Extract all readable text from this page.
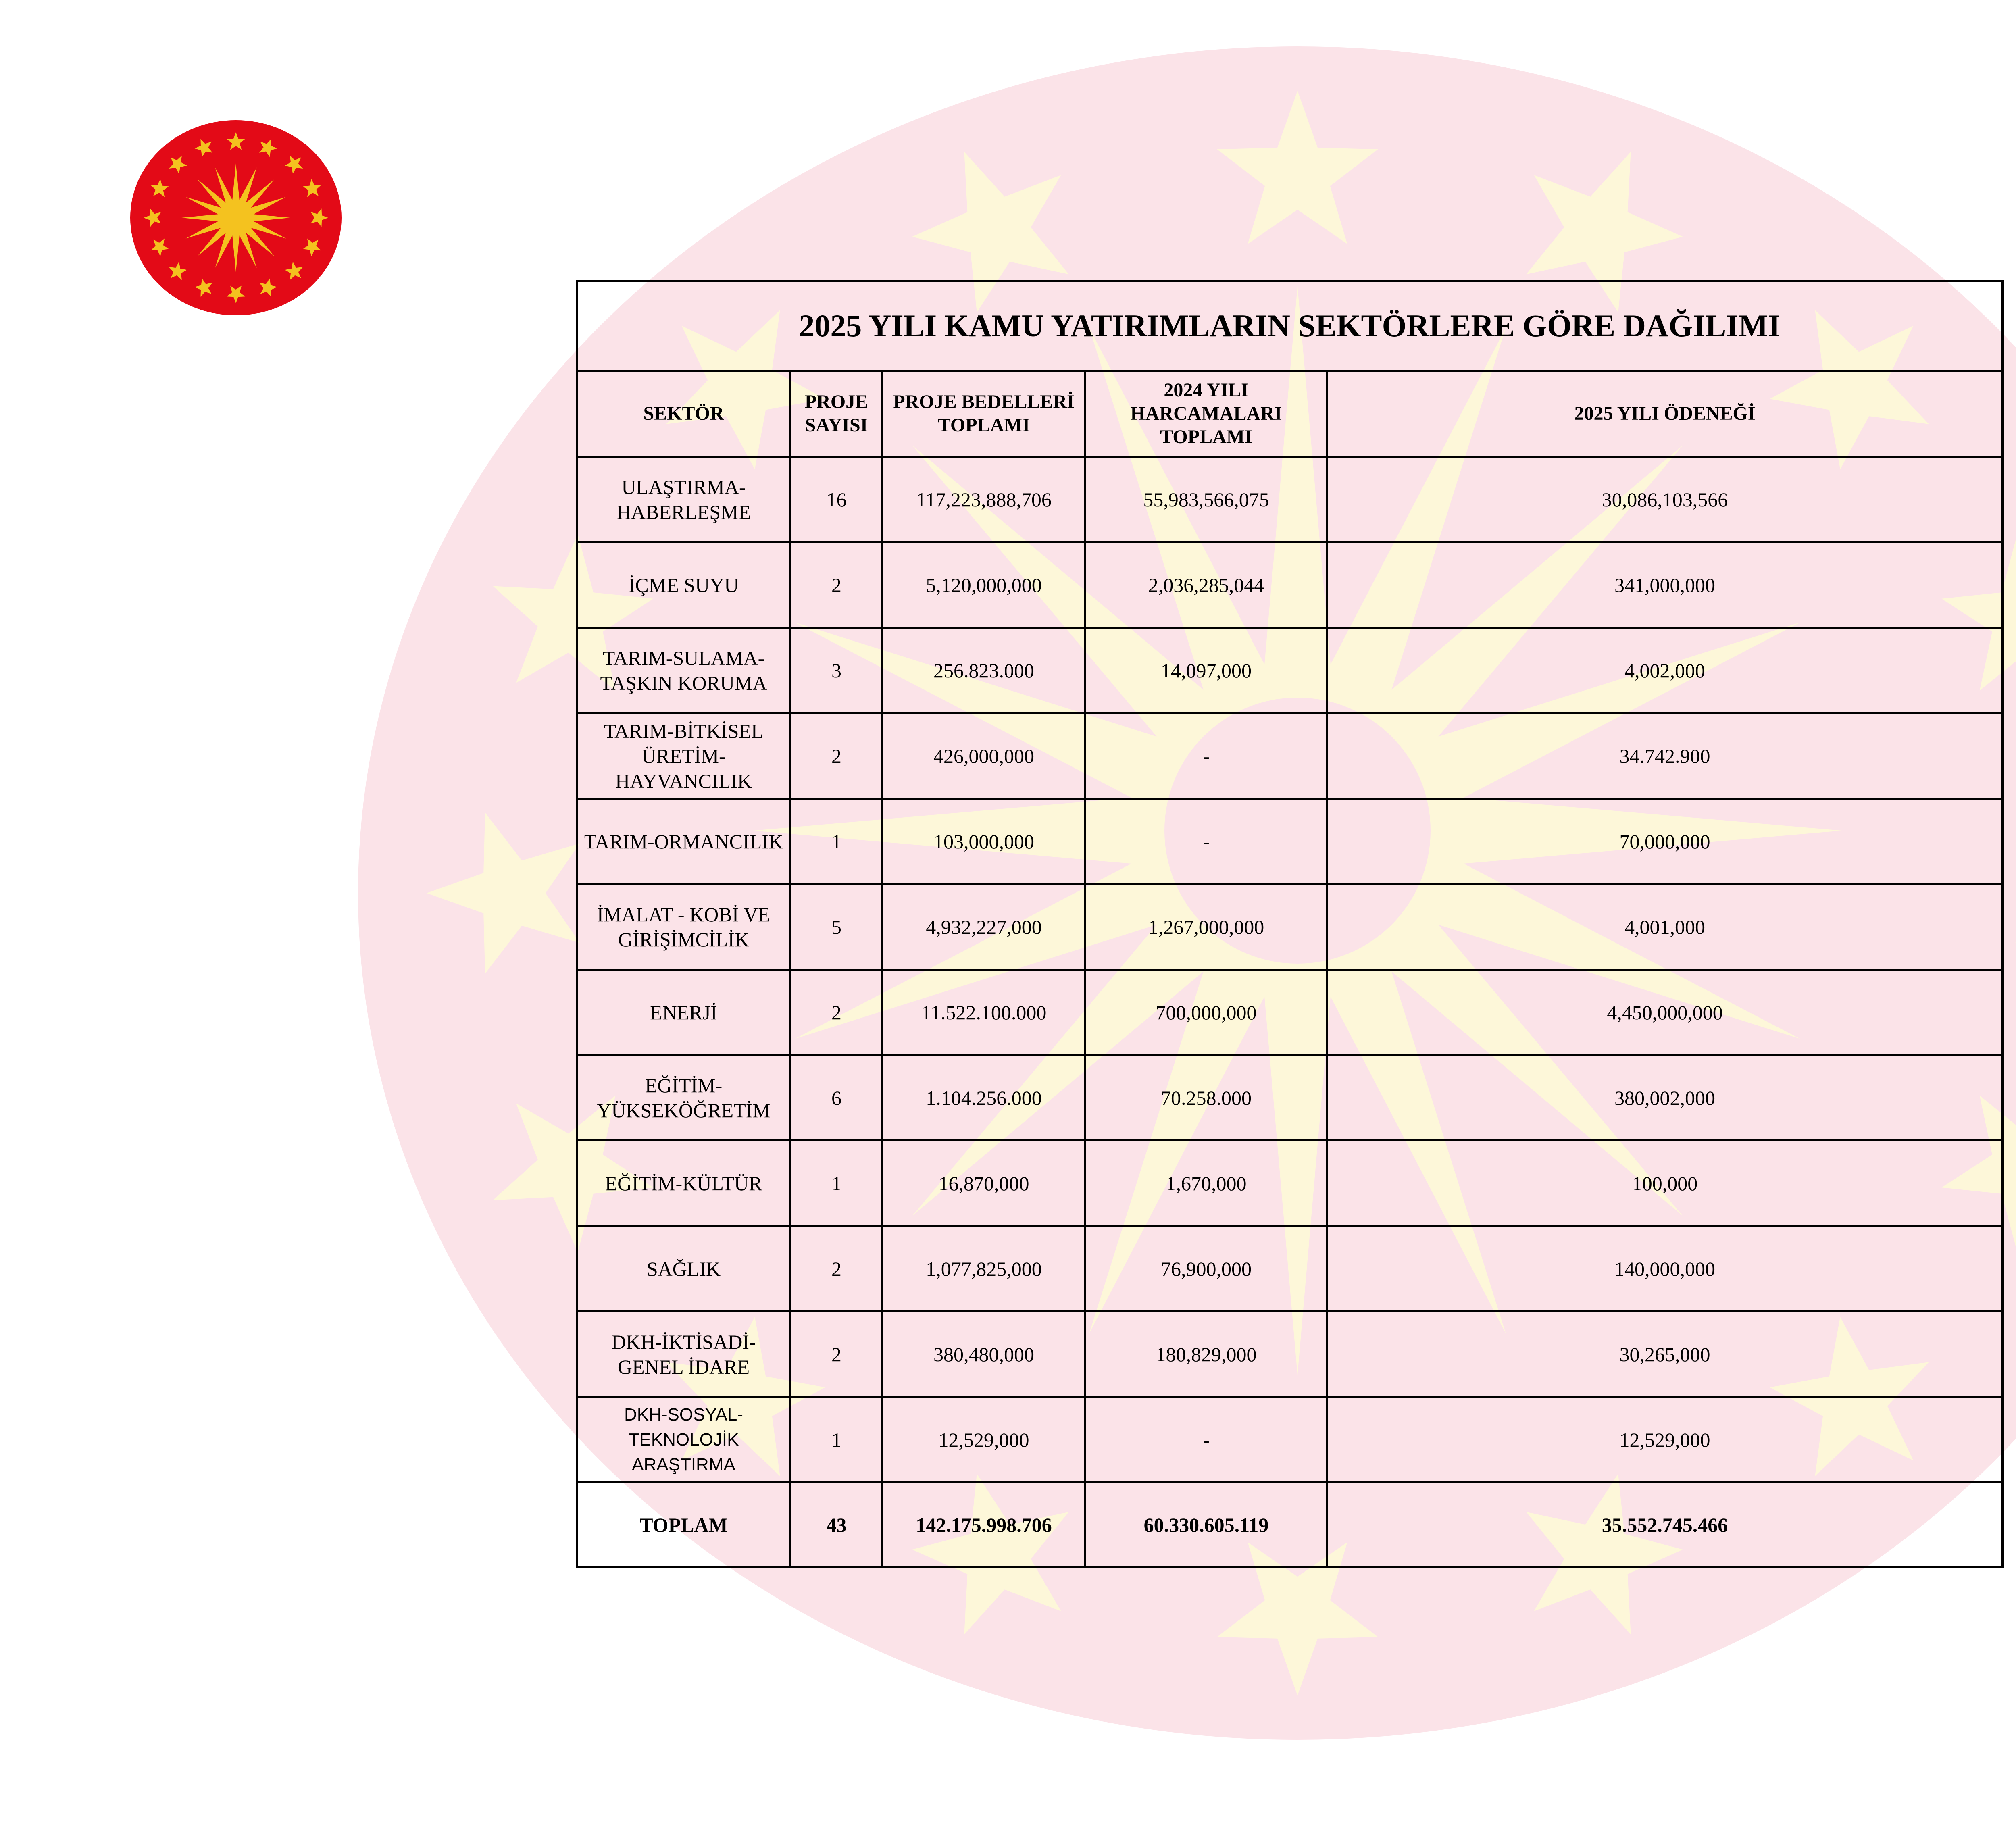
2025 YILI KAMU YATIRIMLARIN SEKTÖRLERE GÖRE DAĞILIMI				
SEKTÖR	PROJE SAYISI	PROJE BEDELLERİ TOPLAMI	2024 YILI HARCAMALARI TOPLAMI	2025 YILI ÖDENEĞİ
ULAŞTIRMA-HABERLEŞME	16	117,223,888,706	55,983,566,075	30,086,103,566
İÇME SUYU	2	5,120,000,000	2,036,285,044	341,000,000
TARIM-SULAMA-TAŞKIN KORUMA	3	256.823.000	14,097,000	4,002,000
TARIM-BİTKİSEL ÜRETİM-HAYVANCILIK	2	426,000,000	-	34.742.900
TARIM-ORMANCILIK	1	103,000,000	-	70,000,000
İMALAT - KOBİ VE GİRİŞİMCİLİK	5	4,932,227,000	1,267,000,000	4,001,000
ENERJİ	2	11.522.100.000	700,000,000	4,450,000,000
EĞİTİM-YÜKSEKÖĞRETİM	6	1.104.256.000	70.258.000	380,002,000
EĞİTİM-KÜLTÜR	1	16,870,000	1,670,000	100,000
SAĞLIK	2	1,077,825,000	76,900,000	140,000,000
DKH-İKTİSADİ-GENEL İDARE	2	380,480,000	180,829,000	30,265,000
DKH-SOSYAL-TEKNOLOJİK ARAŞTIRMA	1	12,529,000	-	12,529,000
TOPLAM	43	142.175.998.706	60.330.605.119	35.552.745.466
